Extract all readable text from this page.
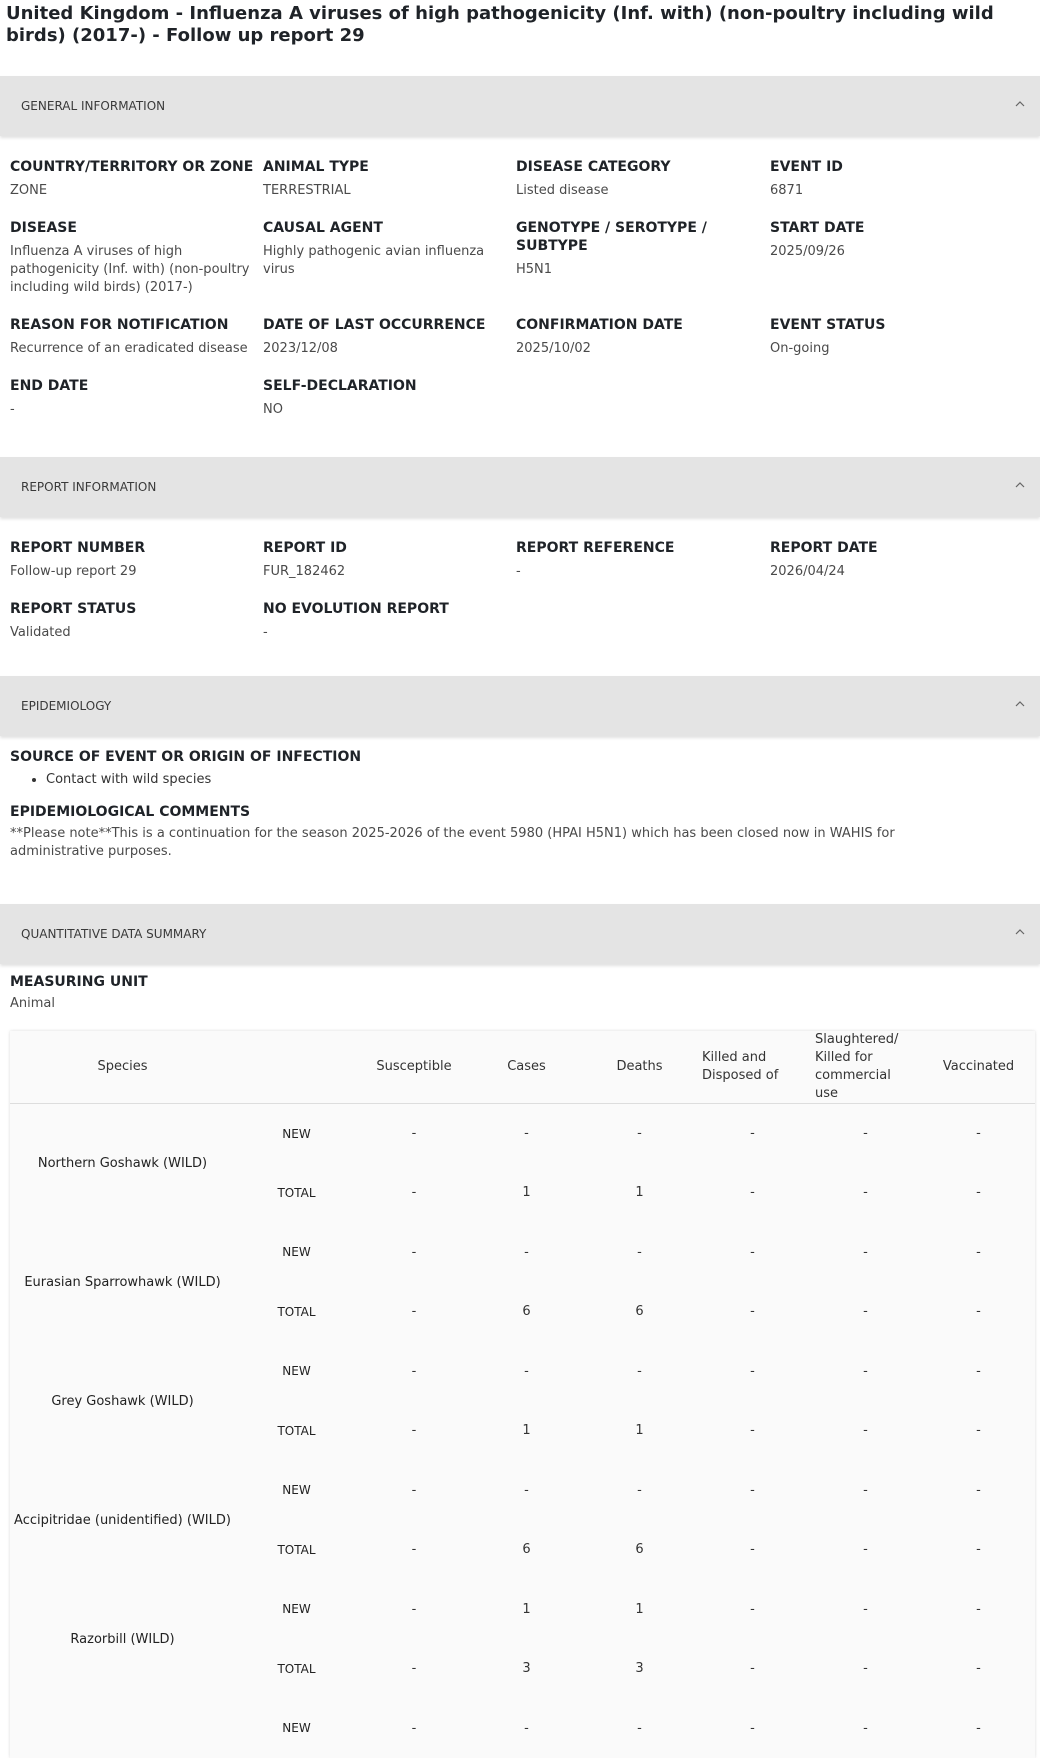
United Kingdom - Influenza A viruses of high pathogenicity (Inf. with) (non-poultry including wild birds) (2017-) - Follow up report 29
GENERAL INFORMATION
COUNTRY/TERRITORY OR ZONE
ZONE
ANIMAL TYPE
TERRESTRIAL
DISEASE CATEGORY
Listed disease
EVENT ID
6871
DISEASE
Influenza A viruses of high pathogenicity (Inf. with) (non-poultry including wild birds) (2017-)
CAUSAL AGENT
Highly pathogenic avian influenza virus
GENOTYPE / SEROTYPE / SUBTYPE
H5N1
START DATE
2025/09/26
REASON FOR NOTIFICATION
Recurrence of an eradicated disease
DATE OF LAST OCCURRENCE
2023/12/08
CONFIRMATION DATE
2025/10/02
EVENT STATUS
On-going
END DATE
-
SELF-DECLARATION
NO
REPORT INFORMATION
REPORT NUMBER
Follow-up report 29
REPORT ID
FUR_182462
REPORT REFERENCE
-
REPORT DATE
2026/04/24
REPORT STATUS
Validated
NO EVOLUTION REPORT
-
EPIDEMIOLOGY
SOURCE OF EVENT OR ORIGIN OF INFECTION
• Contact with wild species
EPIDEMIOLOGICAL COMMENTS
**Please note**This is a continuation for the season 2025-2026 of the event 5980 (HPAI H5N1) which has been closed now in WAHIS for administrative purposes.
QUANTITATIVE DATA SUMMARY
MEASURING UNIT
Animal
Species		Susceptible	Cases	Deaths	Killed and Disposed of	Slaughtered/ Killed for commercial use	Vaccinated
Northern Goshawk (WILD)	NEW	-	-	-	-	-	-
	TOTAL	-	1	1	-	-	-
Eurasian Sparrowhawk (WILD)	NEW	-	-	-	-	-	-
	TOTAL	-	6	6	-	-	-
Grey Goshawk (WILD)	NEW	-	-	-	-	-	-
	TOTAL	-	1	1	-	-	-
Accipitridae (unidentified) (WILD)	NEW	-	-	-	-	-	-
	TOTAL	-	6	6	-	-	-
Razorbill (WILD)	NEW	-	1	1	-	-	-
	TOTAL	-	3	3	-	-	-
	NEW	-	-	-	-	-	-
